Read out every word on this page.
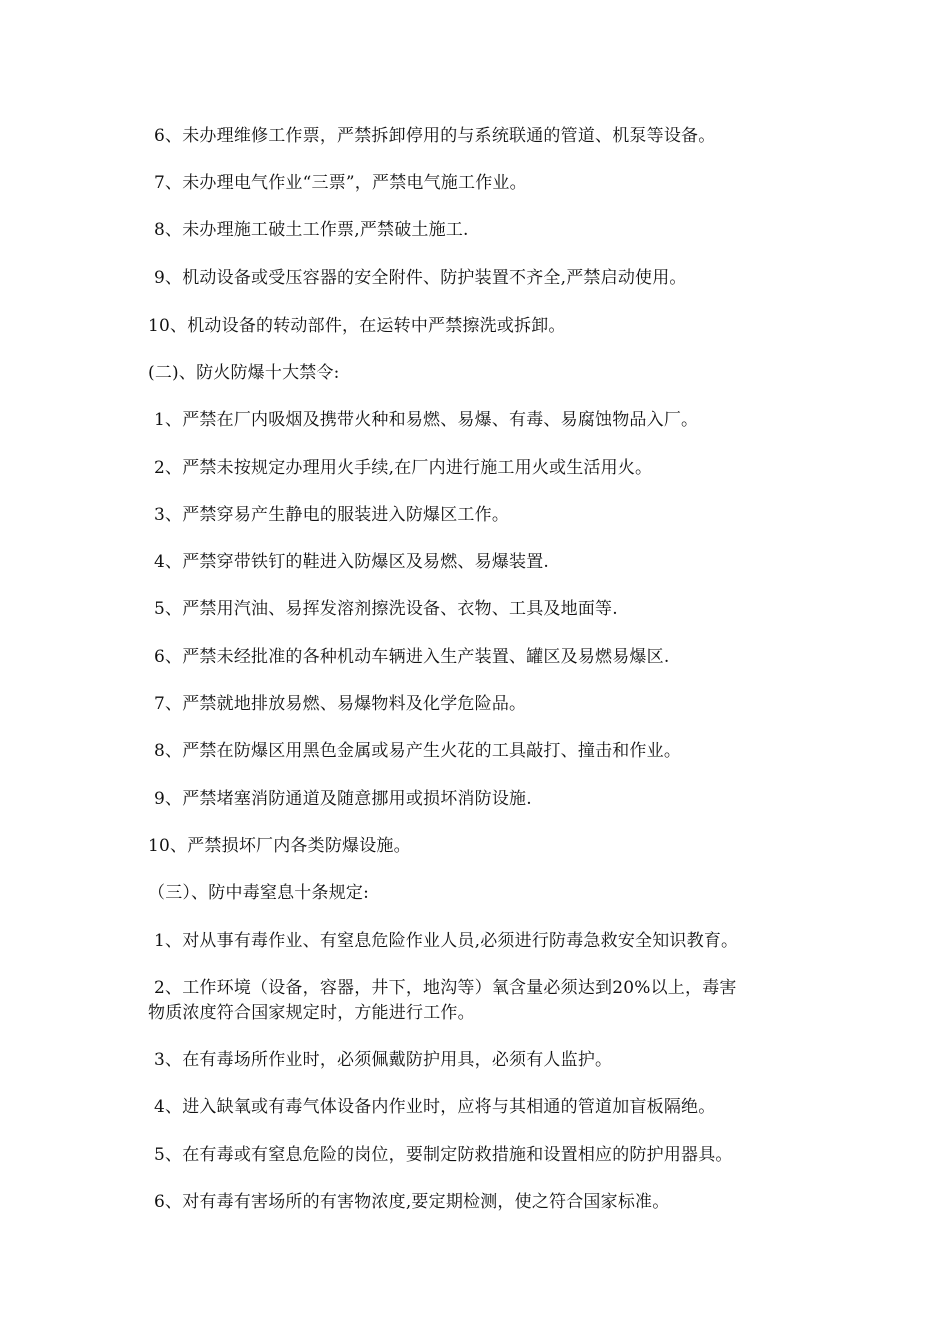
6、未办理维修工作票，严禁拆卸停用的与系统联通的管道、机泵等设备。
7、未办理电气作业“三票”，严禁电气施工作业。
8、未办理施工破土工作票,严禁破土施工.
9、机动设备或受压容器的安全附件、防护装置不齐全,严禁启动使用。
10、机动设备的转动部件，在运转中严禁擦洗或拆卸。
(二)、防火防爆十大禁令:
1、严禁在厂内吸烟及携带火种和易燃、易爆、有毒、易腐蚀物品入厂。
2、严禁未按规定办理用火手续,在厂内进行施工用火或生活用火。
3、严禁穿易产生静电的服装进入防爆区工作。
4、严禁穿带铁钉的鞋进入防爆区及易燃、易爆装置.
5、严禁用汽油、易挥发溶剂擦洗设备、衣物、工具及地面等.
6、严禁未经批准的各种机动车辆进入生产装置、罐区及易燃易爆区.
7、严禁就地排放易燃、易爆物料及化学危险品。
8、严禁在防爆区用黑色金属或易产生火花的工具敲打、撞击和作业。
9、严禁堵塞消防通道及随意挪用或损坏消防设施.
10、严禁损坏厂内各类防爆设施。
（三）、防中毒窒息十条规定:
1、对从事有毒作业、有窒息危险作业人员,必须进行防毒急救安全知识教育。
2、工作环境（设备，容器，井下，地沟等）氧含量必须达到20%以上，毒害
物质浓度符合国家规定时，方能进行工作。
3、在有毒场所作业时，必须佩戴防护用具，必须有人监护。
4、进入缺氧或有毒气体设备内作业时，应将与其相通的管道加盲板隔绝。
5、在有毒或有窒息危险的岗位，要制定防救措施和设置相应的防护用器具。
6、对有毒有害场所的有害物浓度,要定期检测，使之符合国家标准。
